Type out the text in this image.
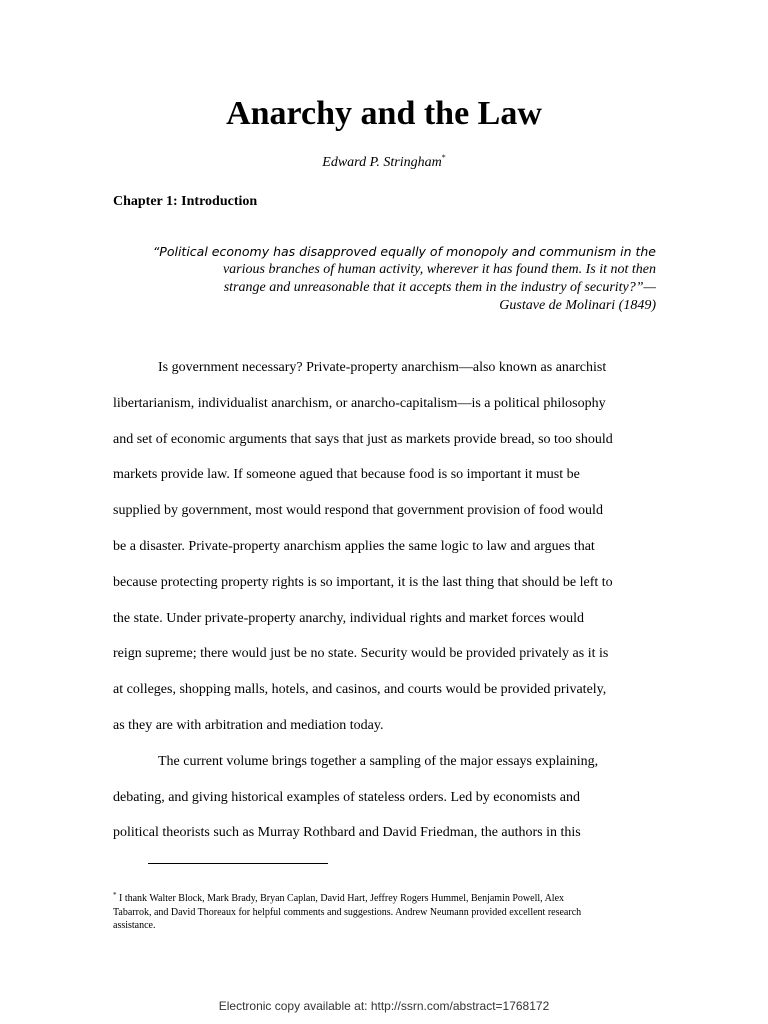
Anarchy and the Law
Edward P. Stringham*
Chapter 1: Introduction
“Political economy has disapproved equally of monopoly and communism in the
various branches of human activity, wherever it has found them. Is it not then
strange and unreasonable that it accepts them in the industry of security?”—
Gustave de Molinari (1849)
Is government necessary? Private-property anarchism—also known as anarchist
libertarianism, individualist anarchism, or anarcho-capitalism—is a political philosophy
and set of economic arguments that says that just as markets provide bread, so too should
markets provide law. If someone agued that because food is so important it must be
supplied by government, most would respond that government provision of food would
be a disaster. Private-property anarchism applies the same logic to law and argues that
because protecting property rights is so important, it is the last thing that should be left to
the state. Under private-property anarchy, individual rights and market forces would
reign supreme; there would just be no state. Security would be provided privately as it is
at colleges, shopping malls, hotels, and casinos, and courts would be provided privately,
as they are with arbitration and mediation today.
The current volume brings together a sampling of the major essays explaining,
debating, and giving historical examples of stateless orders. Led by economists and
political theorists such as Murray Rothbard and David Friedman, the authors in this
* I thank Walter Block, Mark Brady, Bryan Caplan, David Hart, Jeffrey Rogers Hummel, Benjamin Powell, Alex
Tabarrok, and David Thoreaux for helpful comments and suggestions. Andrew Neumann provided excellent research
assistance.
Electronic copy available at: http://ssrn.com/abstract=1768172
